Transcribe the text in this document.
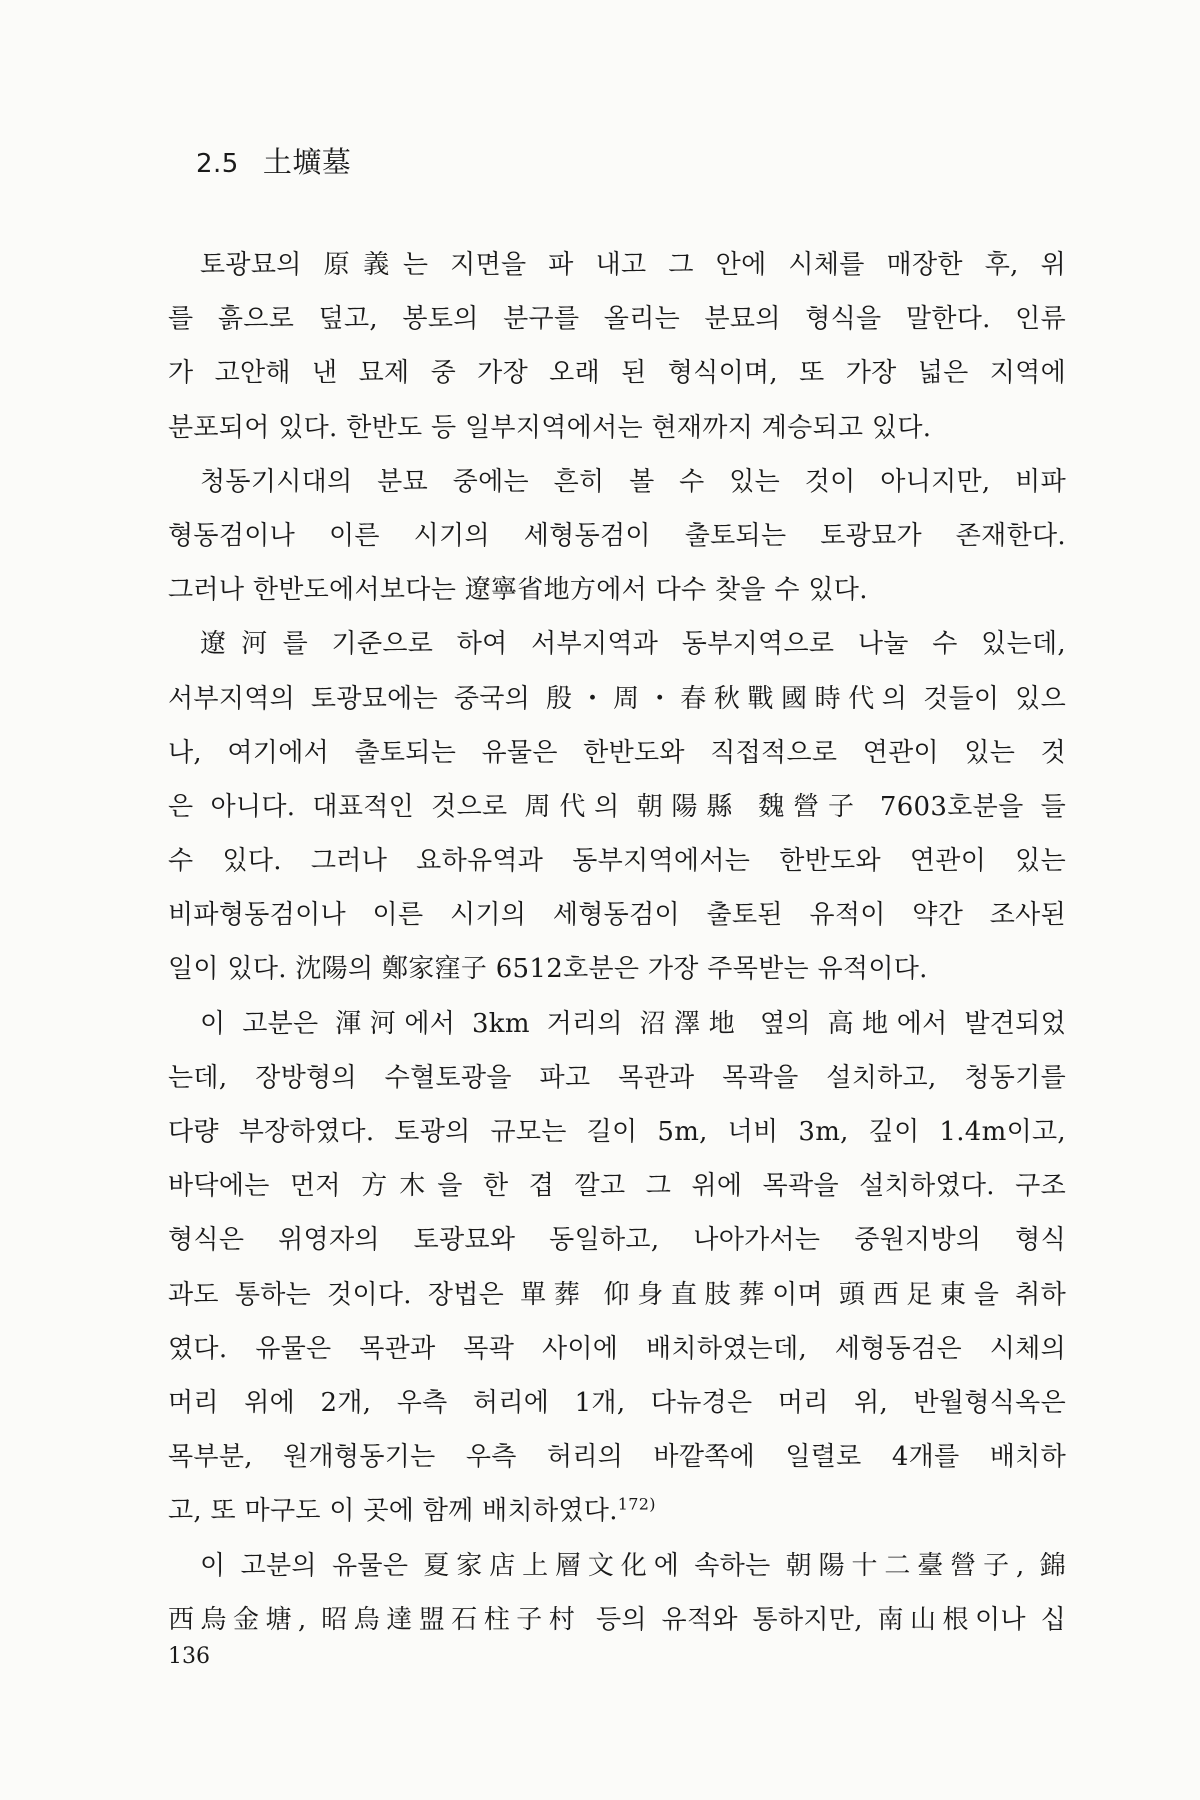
2.5 土壙墓
토광묘의 原義는 지면을 파 내고 그 안에 시체를 매장한 후, 위
를 흙으로 덮고, 봉토의 분구를 올리는 분묘의 형식을 말한다. 인류
가 고안해 낸 묘제 중 가장 오래 된 형식이며, 또 가장 넓은 지역에
분포되어 있다. 한반도 등 일부지역에서는 현재까지 계승되고 있다.
청동기시대의 분묘 중에는 흔히 볼 수 있는 것이 아니지만, 비파
형동검이나 이른 시기의 세형동검이 출토되는 토광묘가 존재한다.
그러나 한반도에서보다는 遼寧省地方에서 다수 찾을 수 있다.
遼河를 기준으로 하여 서부지역과 동부지역으로 나눌 수 있는데,
서부지역의 토광묘에는 중국의 殷・周・春秋戰國時代의 것들이 있으
나, 여기에서 출토되는 유물은 한반도와 직접적으로 연관이 있는 것
은 아니다. 대표적인 것으로 周代의 朝陽縣 魏營子 7603호분을 들
수 있다. 그러나 요하유역과 동부지역에서는 한반도와 연관이 있는
비파형동검이나 이른 시기의 세형동검이 출토된 유적이 약간 조사된
일이 있다. 沈陽의 鄭家窪子 6512호분은 가장 주목받는 유적이다.
이 고분은 渾河에서 3km 거리의 沼澤地 옆의 高地에서 발견되었
는데, 장방형의 수혈토광을 파고 목관과 목곽을 설치하고, 청동기를
다량 부장하였다. 토광의 규모는 길이 5m, 너비 3m, 깊이 1.4m이고,
바닥에는 먼저 方木을 한 겹 깔고 그 위에 목곽을 설치하였다. 구조
형식은 위영자의 토광묘와 동일하고, 나아가서는 중원지방의 형식
과도 통하는 것이다. 장법은 單葬 仰身直肢葬이며 頭西足東을 취하
였다. 유물은 목관과 목곽 사이에 배치하였는데, 세형동검은 시체의
머리 위에 2개, 우측 허리에 1개, 다뉴경은 머리 위, 반월형식옥은
목부분, 원개형동기는 우측 허리의 바깥쪽에 일렬로 4개를 배치하
고, 또 마구도 이 곳에 함께 배치하였다.$^{172)}$
이 고분의 유물은 夏家店上層文化에 속하는 朝陽十二臺營子, 錦
西烏金塘, 昭烏達盟石柱子村 등의 유적와 통하지만, 南山根이나 십
136
